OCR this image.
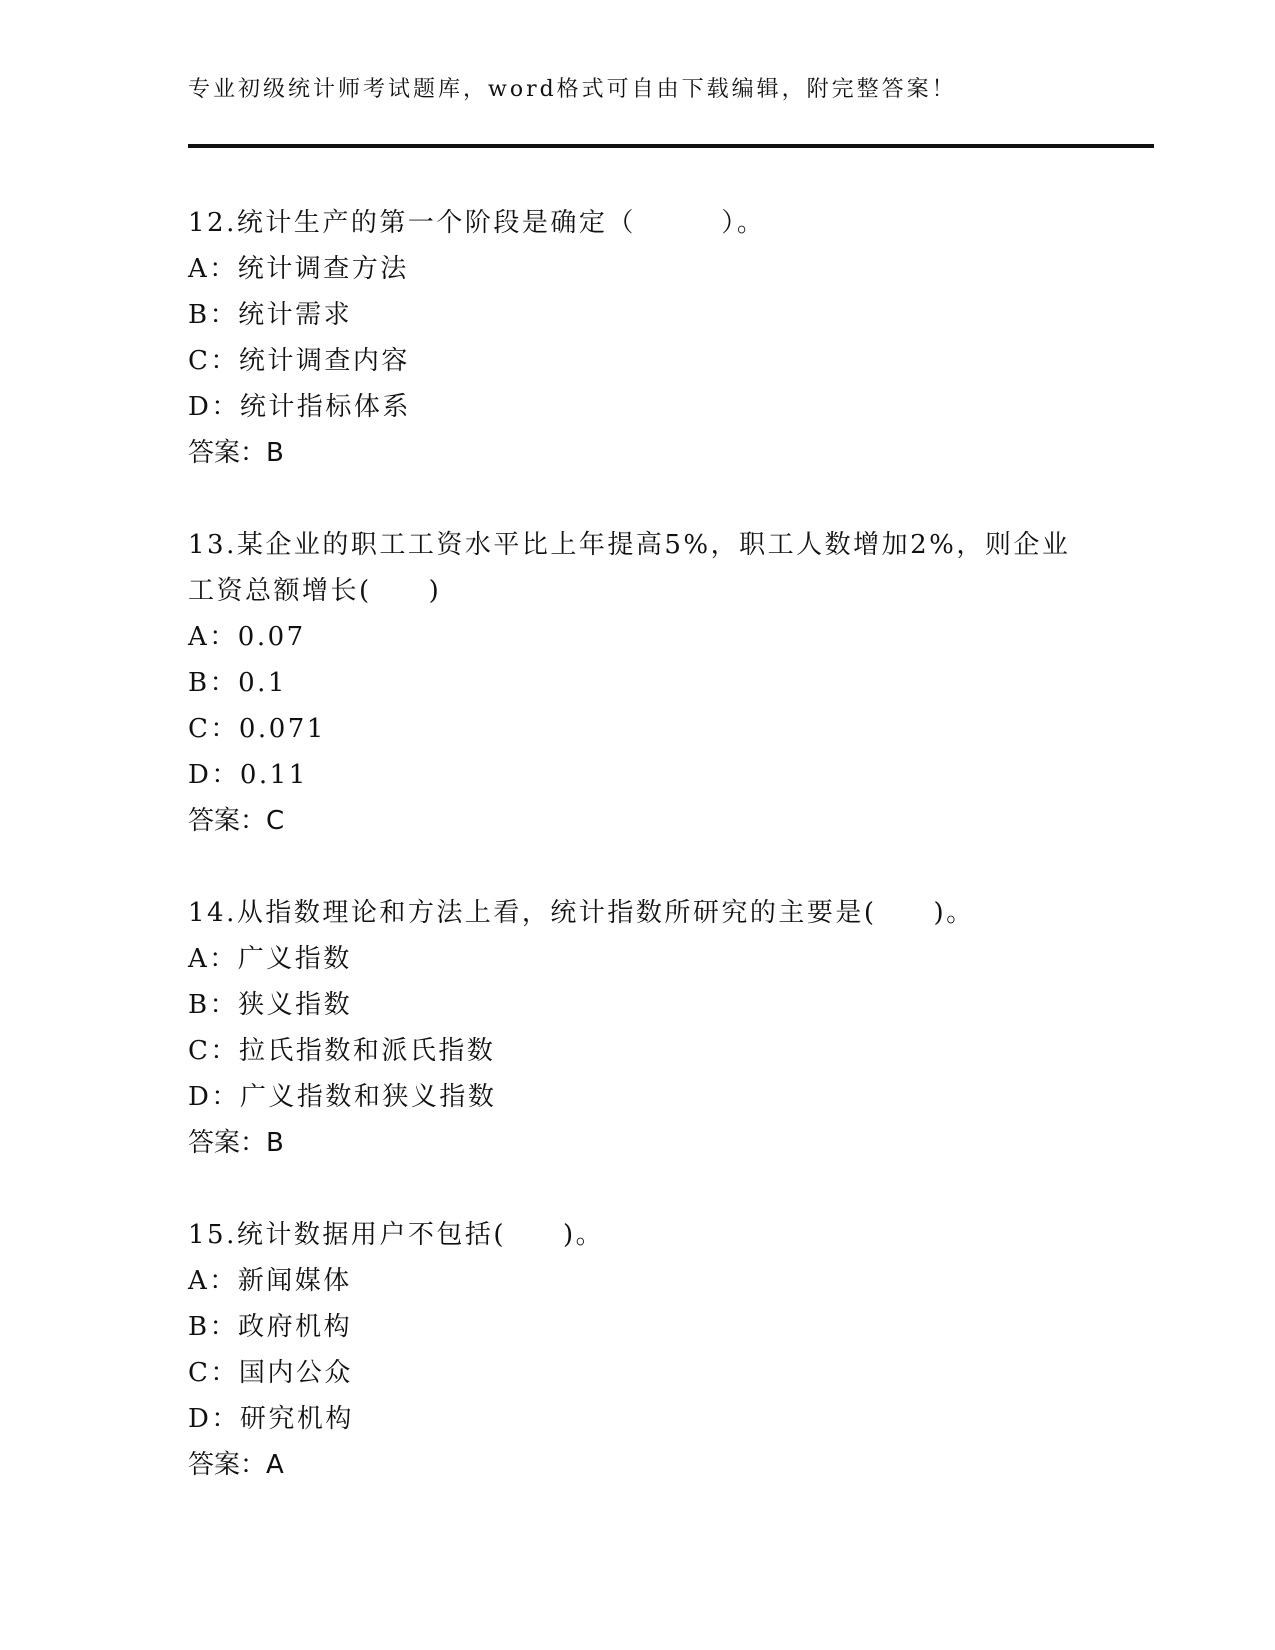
专业初级统计师考试题库，word格式可自由下载编辑，附完整答案！
12.统计生产的第一个阶段是确定（　　　）。
A：统计调查方法
B：统计需求
C：统计调查内容
D：统计指标体系
答案：B
13.某企业的职工工资水平比上年提高5%，职工人数增加2%，则企业工资总额增长(　　)
A：0.07
B：0.1
C：0.071
D：0.11
答案：C
14.从指数理论和方法上看，统计指数所研究的主要是(　　)。
A：广义指数
B：狭义指数
C：拉氏指数和派氏指数
D：广义指数和狭义指数
答案：B
15.统计数据用户不包括(　　)。
A：新闻媒体
B：政府机构
C：国内公众
D：研究机构
答案：A
